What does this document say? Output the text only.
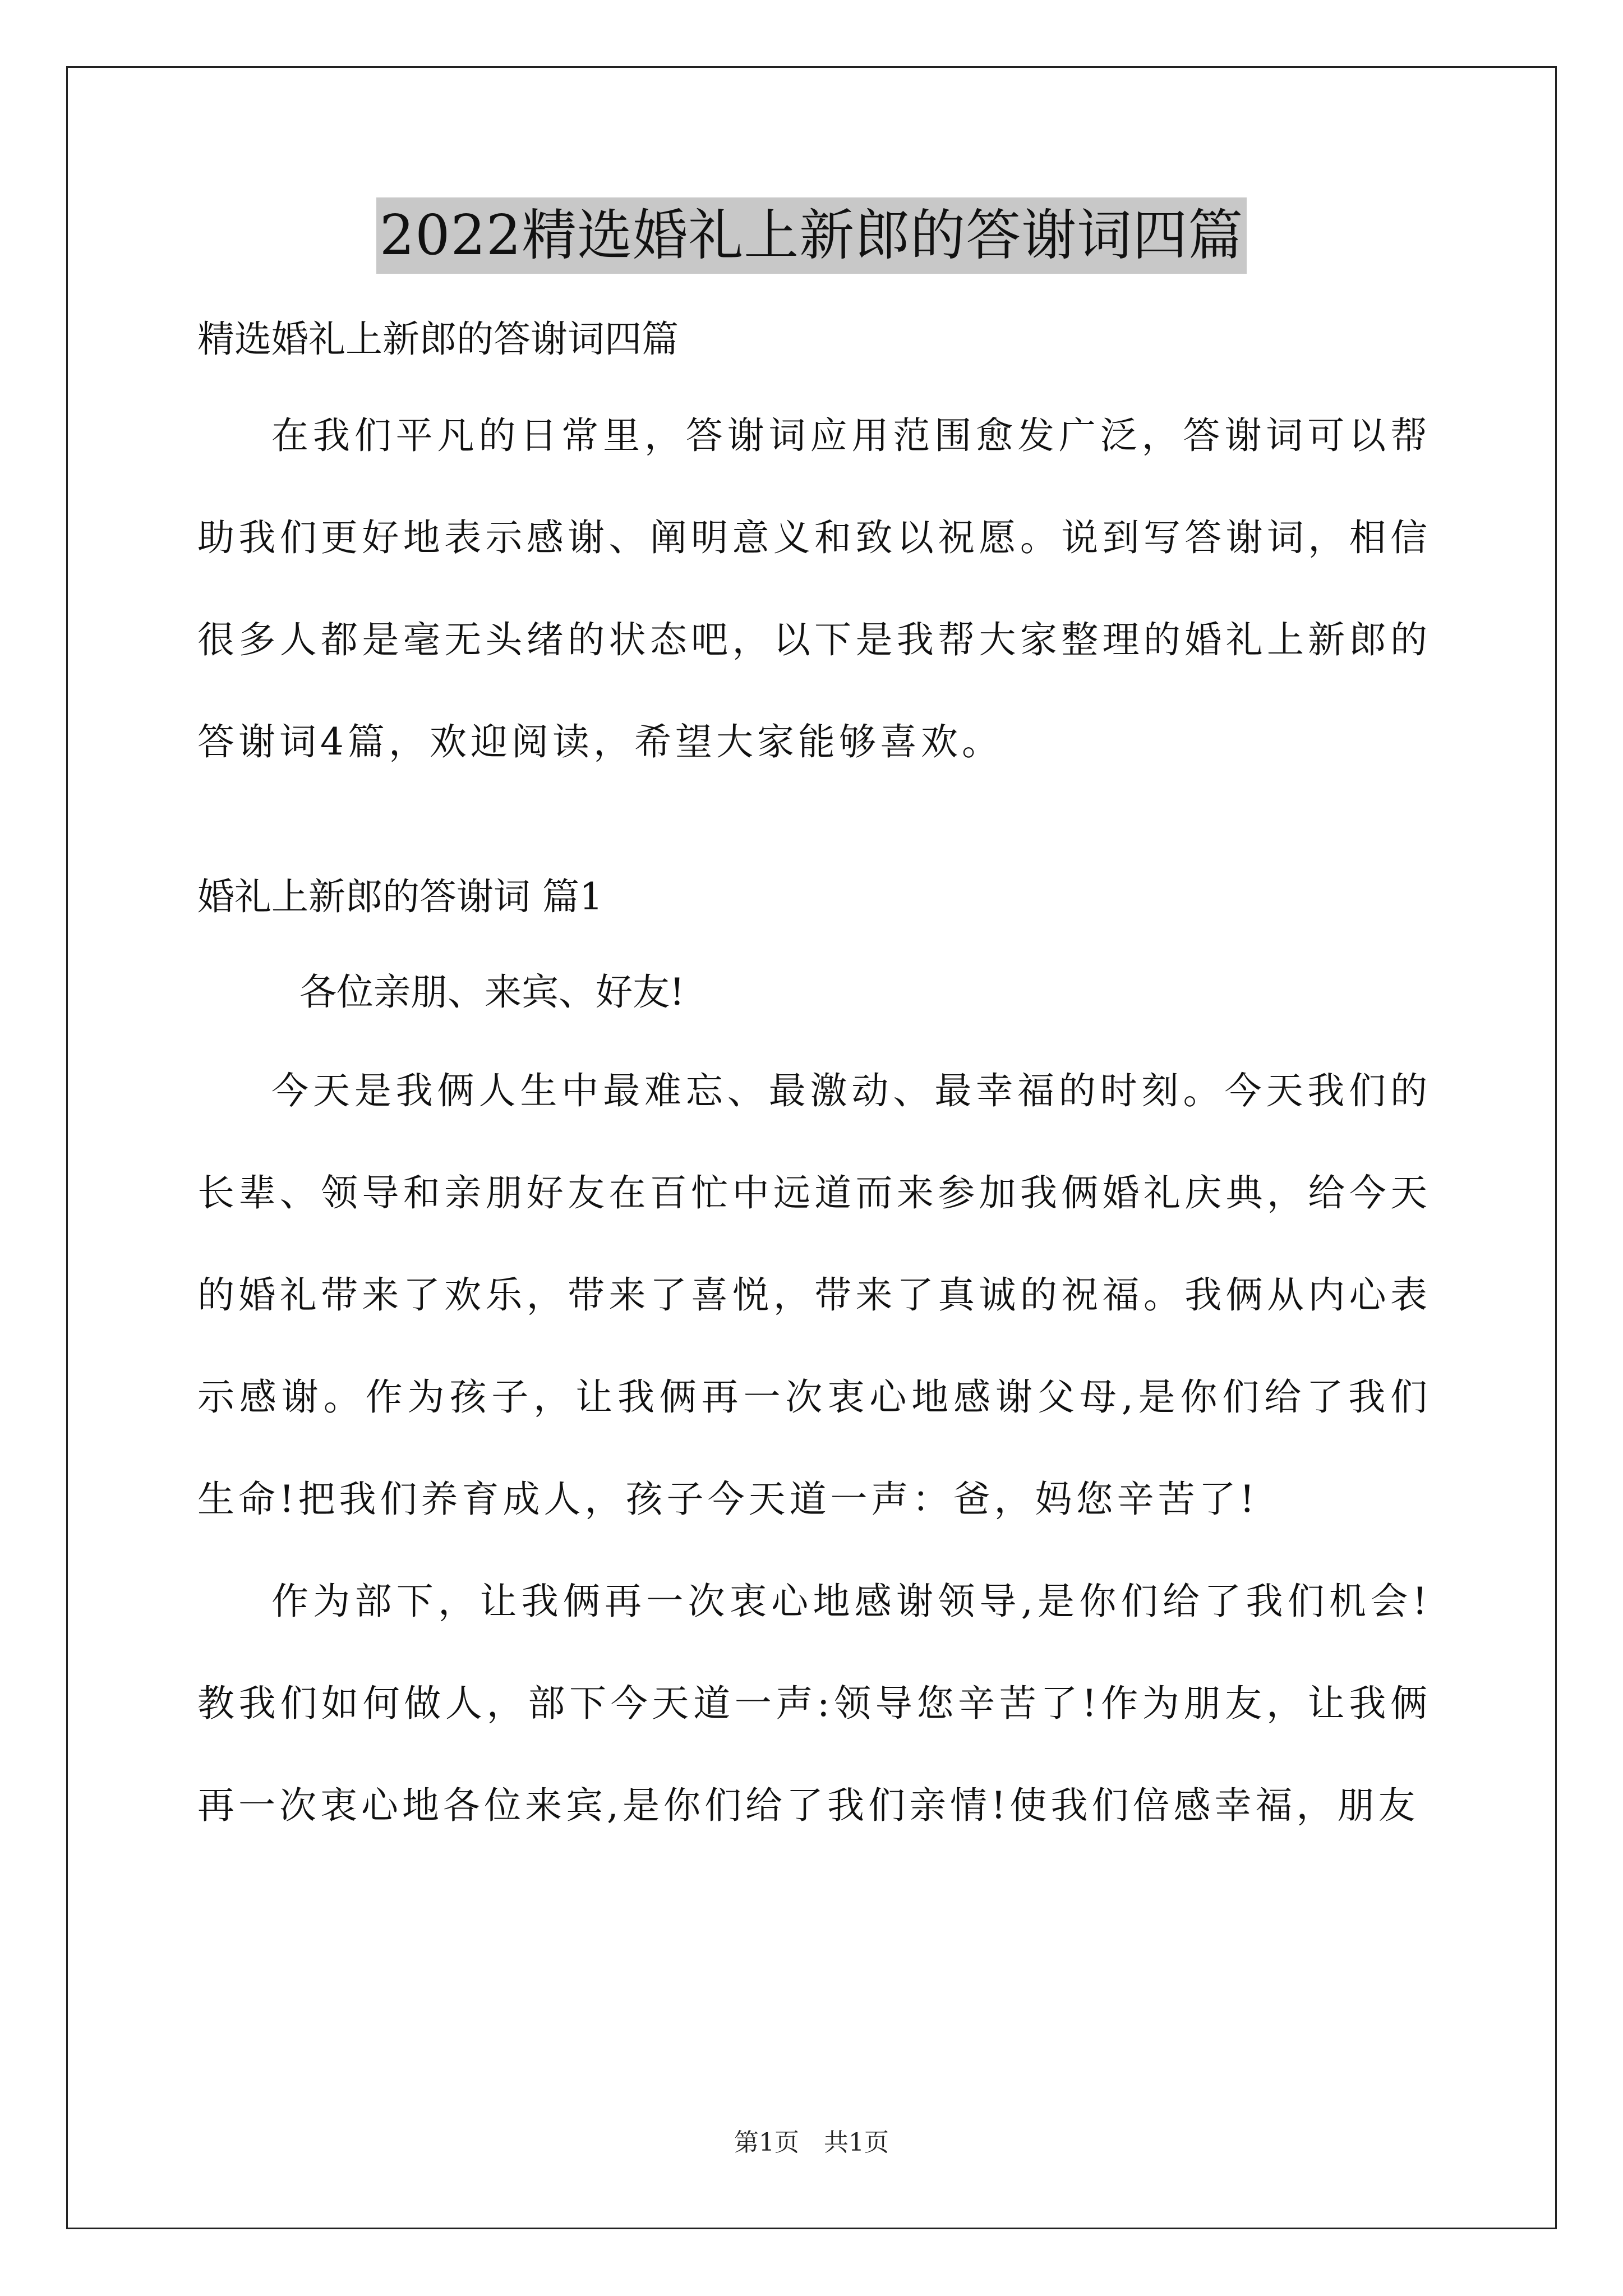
2022精选婚礼上新郎的答谢词四篇

精选婚礼上新郎的答谢词四篇

在我们平凡的日常里，答谢词应用范围愈发广泛，答谢词可以帮助我们更好地表示感谢、阐明意义和致以祝愿。说到写答谢词，相信很多人都是毫无头绪的状态吧，以下是我帮大家整理的婚礼上新郎的答谢词4篇，欢迎阅读，希望大家能够喜欢。

婚礼上新郎的答谢词 篇1

各位亲朋、来宾、好友!

今天是我俩人生中最难忘、最激动、最幸福的时刻。今天我们的长辈、领导和亲朋好友在百忙中远道而来参加我俩婚礼庆典，给今天的婚礼带来了欢乐，带来了喜悦，带来了真诚的祝福。我俩从内心表示感谢。作为孩子，让我俩再一次衷心地感谢父母,是你们给了我们生命!把我们养育成人，孩子今天道一声：爸，妈您辛苦了!

作为部下，让我俩再一次衷心地感谢领导,是你们给了我们机会!教我们如何做人，部下今天道一声:领导您辛苦了!作为朋友，让我俩再一次衷心地各位来宾,是你们给了我们亲情!使我们倍感幸福，朋友

第1页 共1页
